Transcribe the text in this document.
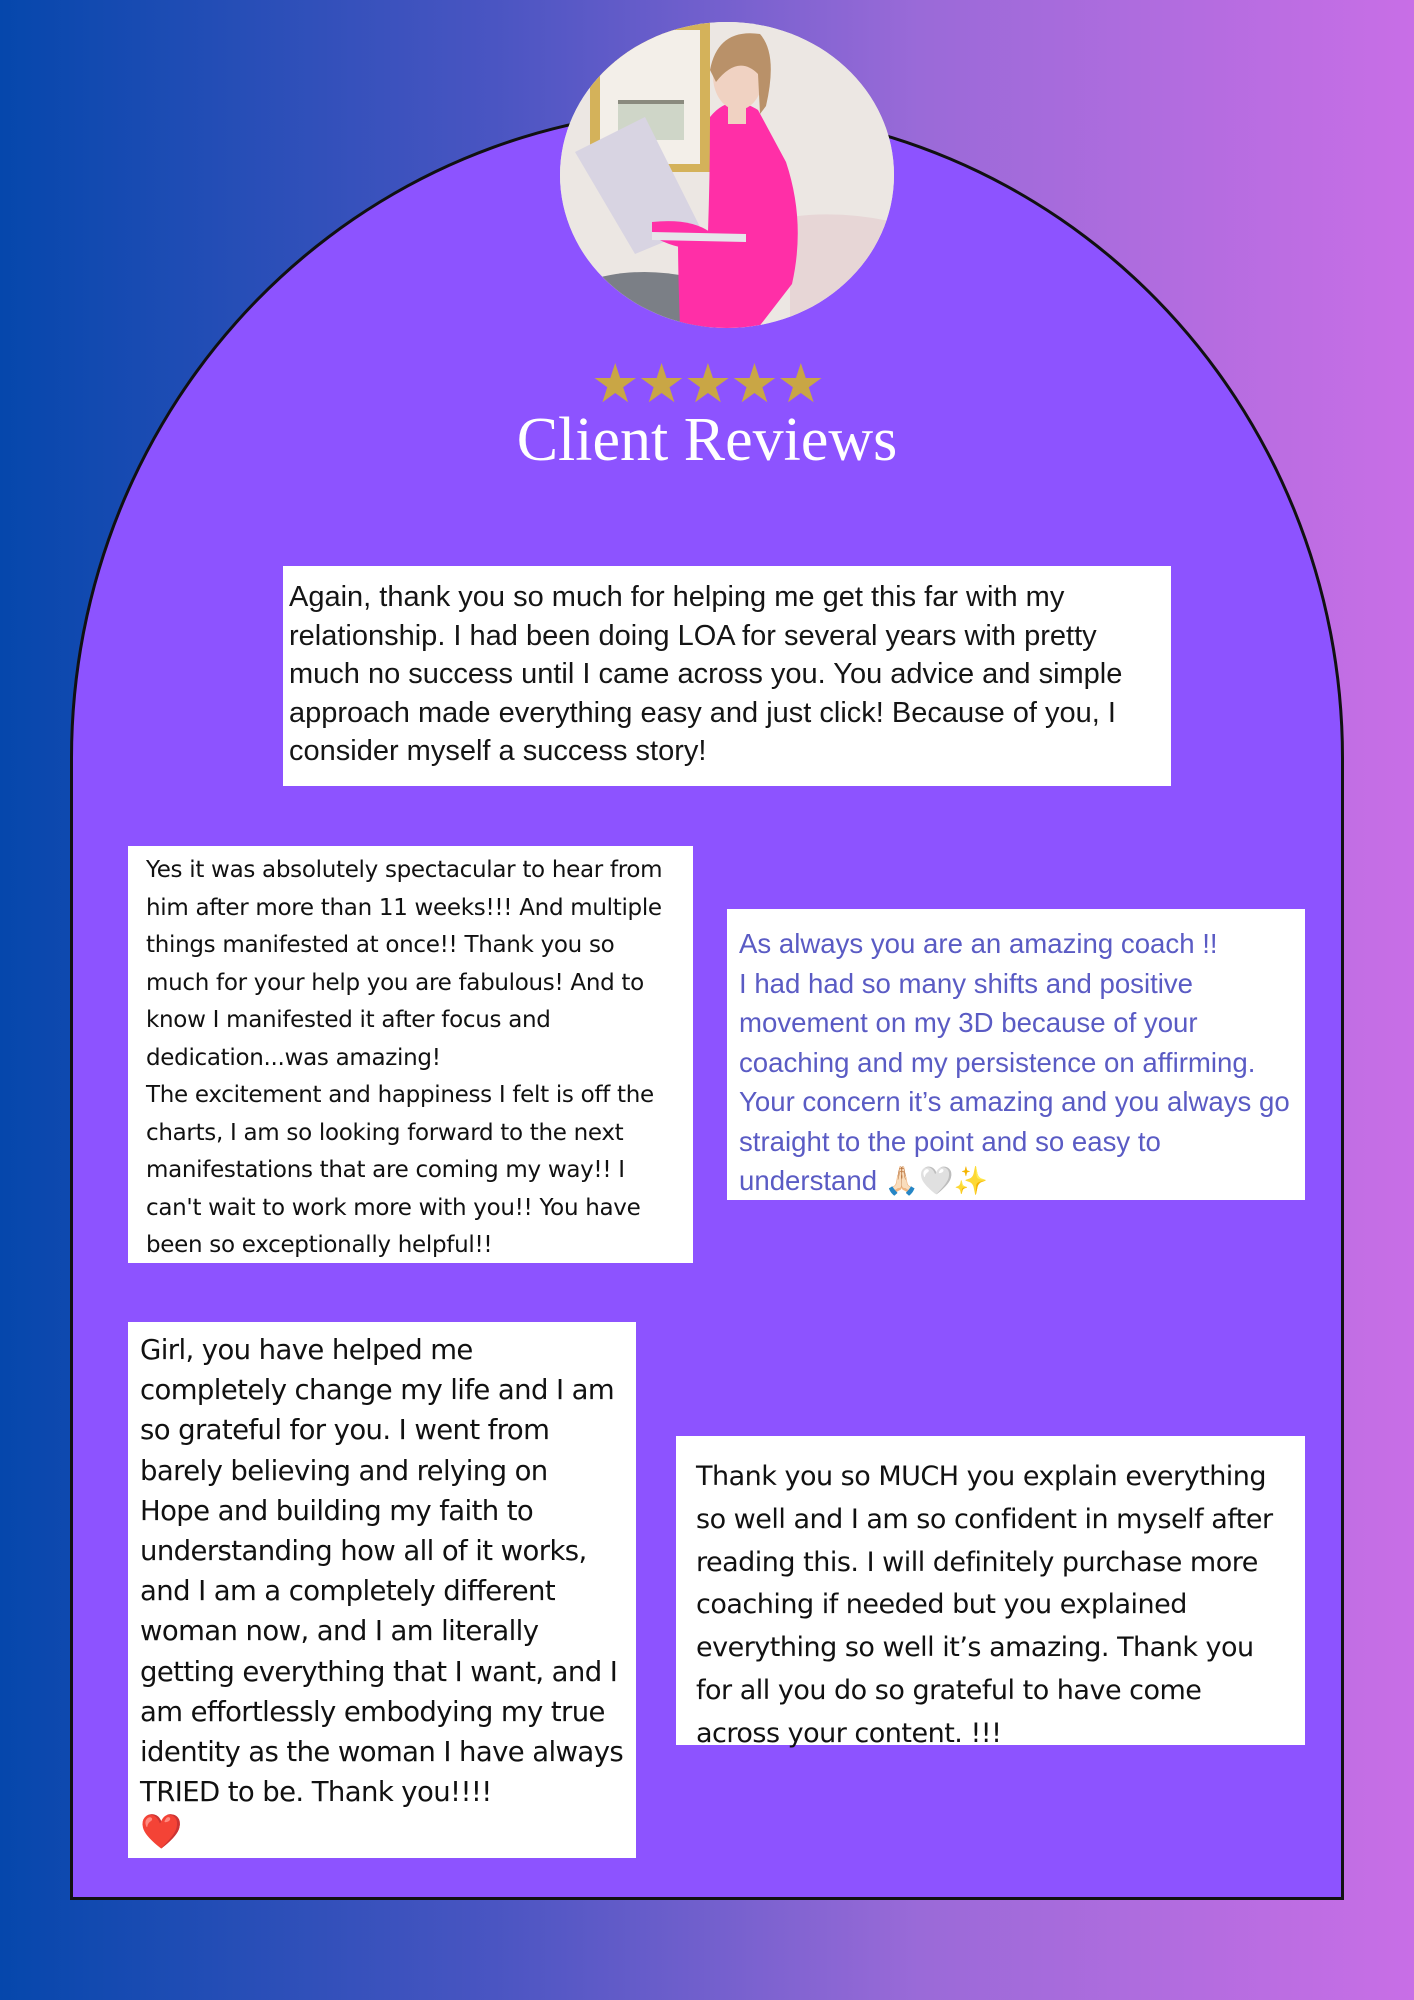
★★★★★
Client Reviews

Again, thank you so much for helping me get this far with my relationship. I had been doing LOA for several years with pretty much no success until I came across you. You advice and simple approach made everything easy and just click! Because of you, I consider myself a success story!

Yes it was absolutely spectacular to hear from him after more than 11 weeks!!! And multiple things manifested at once!! Thank you so much for your help you are fabulous! And to know I manifested it after focus and dedication...was amazing!

The excitement and happiness I felt is off the charts, I am so looking forward to the next manifestations that are coming my way!! I can't wait to work more with you!! You have been so exceptionally helpful!!

As always you are an amazing coach !!

I had had so many shifts and positive movement on my 3D because of your coaching and my persistence on affirming. Your concern it’s amazing and you always go straight to the point and so easy to understand 🙏🏻🤍✨

Girl, you have helped me completely change my life and I am so grateful for you. I went from barely believing and relying on Hope and building my faith to understanding how all of it works, and I am a completely different woman now, and I am literally getting everything that I want, and I am effortlessly embodying my true identity as the woman I have always TRIED to be. Thank you!!!!

❤️

Thank you so MUCH you explain everything so well and I am so confident in myself after reading this. I will definitely purchase more coaching if needed but you explained everything so well it’s amazing. Thank you for all you do so grateful to have come across your content. !!!
